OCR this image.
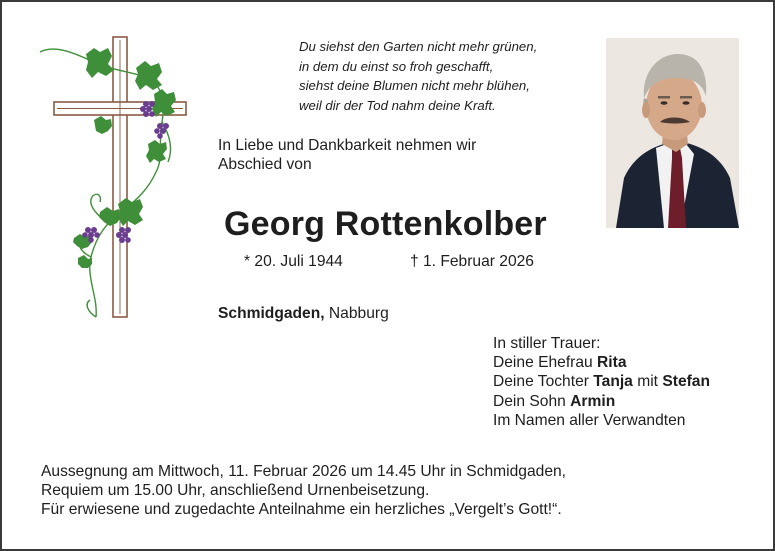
Du siehst den Garten nicht mehr grünen,
in dem du einst so froh geschafft,
siehst deine Blumen nicht mehr blühen,
weil dir der Tod nahm deine Kraft.
In Liebe und Dankbarkeit nehmen wir
Abschied von
Georg Rottenkolber
* 20. Juli 1944	† 1. Februar 2026
Schmidgaden, Nabburg
In stiller Trauer:
Deine Ehefrau Rita
Deine Tochter Tanja mit Stefan
Dein Sohn Armin
Im Namen aller Verwandten
Aussegnung am Mittwoch, 11. Februar 2026 um 14.45 Uhr in Schmidgaden,
Requiem um 15.00 Uhr, anschließend Urnenbeisetzung.
Für erwiesene und zugedachte Anteilnahme ein herzliches „Vergelt’s Gott!“.
